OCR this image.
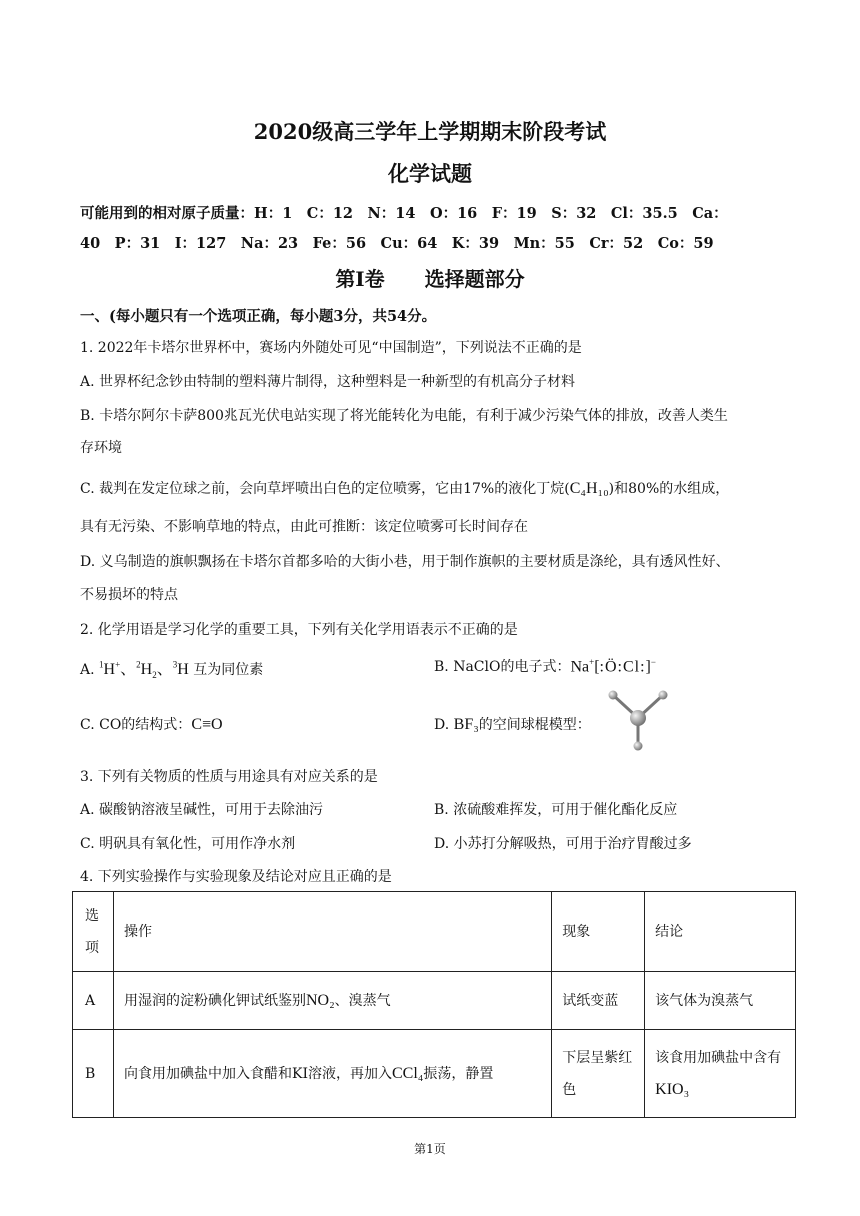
2020级高三学年上学期期末阶段考试
化学试题
可能用到的相对原子质量：H：1　C：12　N：14　O：16　F：19　S：32　Cl：35.5　Ca：
40　P：31　I：127　Na：23　Fe：56　Cu：64　K：39　Mn：55　Cr：52　Co：59
第Ⅰ卷　　选择题部分
一、(每小题只有一个选项正确，每小题3分，共54分。
1. 2022年卡塔尔世界杯中，赛场内外随处可见“中国制造”，下列说法不正确的是
A. 世界杯纪念钞由特制的塑料薄片制得，这种塑料是一种新型的有机高分子材料
B. 卡塔尔阿尔卡萨800兆瓦光伏电站实现了将光能转化为电能，有利于减少污染气体的排放，改善人类生
存环境
C. 裁判在发定位球之前，会向草坪喷出白色的定位喷雾，它由17%的液化丁烷(C₄H₁₀)和80%的水组成，
具有无污染、不影响草地的特点，由此可推断：该定位喷雾可长时间存在
D. 义乌制造的旗帜飘扬在卡塔尔首都多哈的大街小巷，用于制作旗帜的主要材质是涤纶，具有透风性好、
不易损坏的特点
2. 化学用语是学习化学的重要工具，下列有关化学用语表示不正确的是
A. $^1$H+、$^2H_2$、$^3$H 互为同位素	B. NaClO的电子式：Na+[:Ö:Cl:]−
C. CO的结构式：C≡O	D. BF₃的空间球棍模型：
3. 下列有关物质的性质与用途具有对应关系的是
A. 碳酸钠溶液呈碱性，可用于去除油污	B. 浓硫酸难挥发，可用于催化酯化反应
C. 明矾具有氧化性，可用作净水剂	D. 小苏打分解吸热，可用于治疗胃酸过多
4. 下列实验操作与实验现象及结论对应且正确的是
选项	操作	现象	结论
A	用湿润的淀粉碘化钾试纸鉴别NO₂、溴蒸气	试纸变蓝	该气体为溴蒸气
B	向食用加碘盐中加入食醋和KI溶液，再加入CCl₄振荡，静置	下层呈紫红色	该食用加碘盐中含有KIO₃
第1页
